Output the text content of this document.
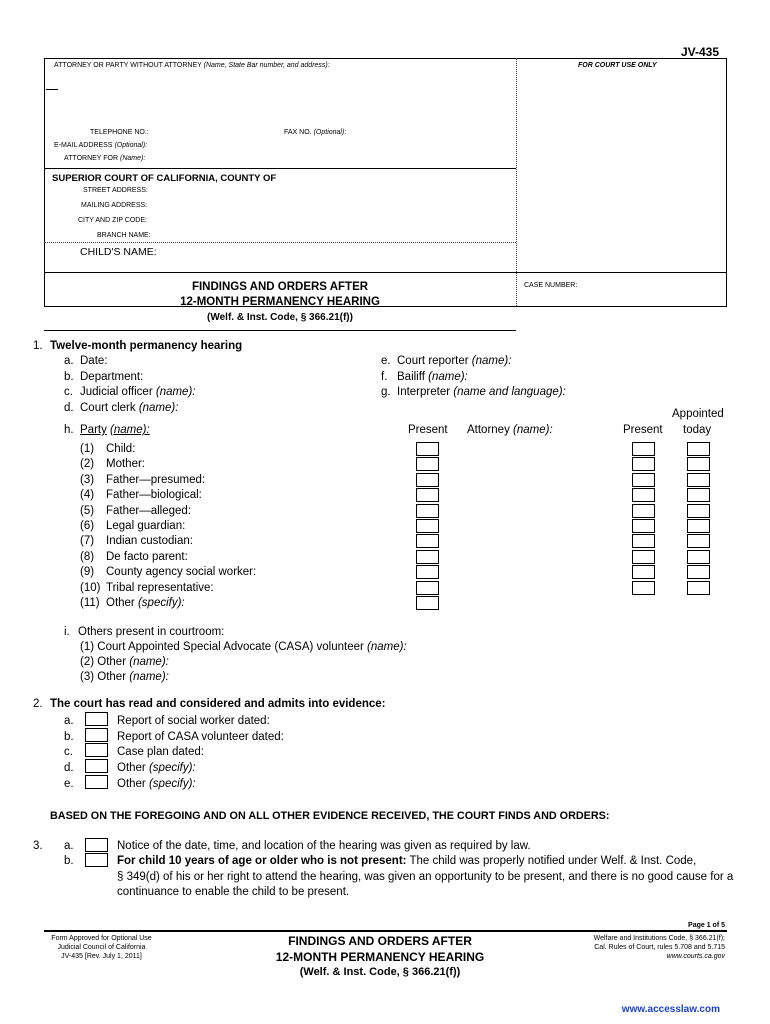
JV-435
ATTORNEY OR PARTY WITHOUT ATTORNEY (Name, State Bar number, and address):	FOR COURT USE ONLY
TELEPHONE NO.:	FAX NO. (Optional):
E-MAIL ADDRESS (Optional):
ATTORNEY FOR (Name):
SUPERIOR COURT OF CALIFORNIA, COUNTY OF
STREET ADDRESS:
MAILING ADDRESS:
CITY AND ZIP CODE:
BRANCH NAME:
CHILD'S NAME:
FINDINGS AND ORDERS AFTER
12-MONTH PERMANENCY HEARING
(Welf. & Inst. Code, § 366.21(f))
CASE NUMBER:
1. Twelve-month permanency hearing
a. Date:
b. Department:
c. Judicial officer (name):
d. Court clerk (name):
e. Court reporter (name):
f. Bailiff (name):
g. Interpreter (name and language):
Appointed
h. Party (name):	Present Attorney (name):	Present today
(1) Child:
(2) Mother:
(3) Father—presumed:
(4) Father—biological:
(5) Father—alleged:
(6) Legal guardian:
(7) Indian custodian:
(8) De facto parent:
(9) County agency social worker:
(10) Tribal representative:
(11) Other (specify):
i. Others present in courtroom:
(1) Court Appointed Special Advocate (CASA) volunteer (name):
(2) Other (name):
(3) Other (name):
2. The court has read and considered and admits into evidence:
a.	Report of social worker dated:
b.	Report of CASA volunteer dated:
c.	Case plan dated:
d.	Other (specify):
e.	Other (specify):
BASED ON THE FOREGOING AND ON ALL OTHER EVIDENCE RECEIVED, THE COURT FINDS AND ORDERS:
3. a.	Notice of the date, time, and location of the hearing was given as required by law.
b.	For child 10 years of age or older who is not present: The child was properly notified under Welf. & Inst. Code,
§ 349(d) of his or her right to attend the hearing, was given an opportunity to be present, and there is no good cause for a
continuance to enable the child to be present.
Page 1 of 5
Form Approved for Optional Use
Judicial Council of California
JV-435 [Rev. July 1, 2011]
FINDINGS AND ORDERS AFTER
12-MONTH PERMANENCY HEARING
(Welf. & Inst. Code, § 366.21(f))
Welfare and Institutions Code, § 366.21(f);
Cal. Rules of Court, rules 5.708 and 5.715
www.courts.ca.gov
www.accesslaw.com
